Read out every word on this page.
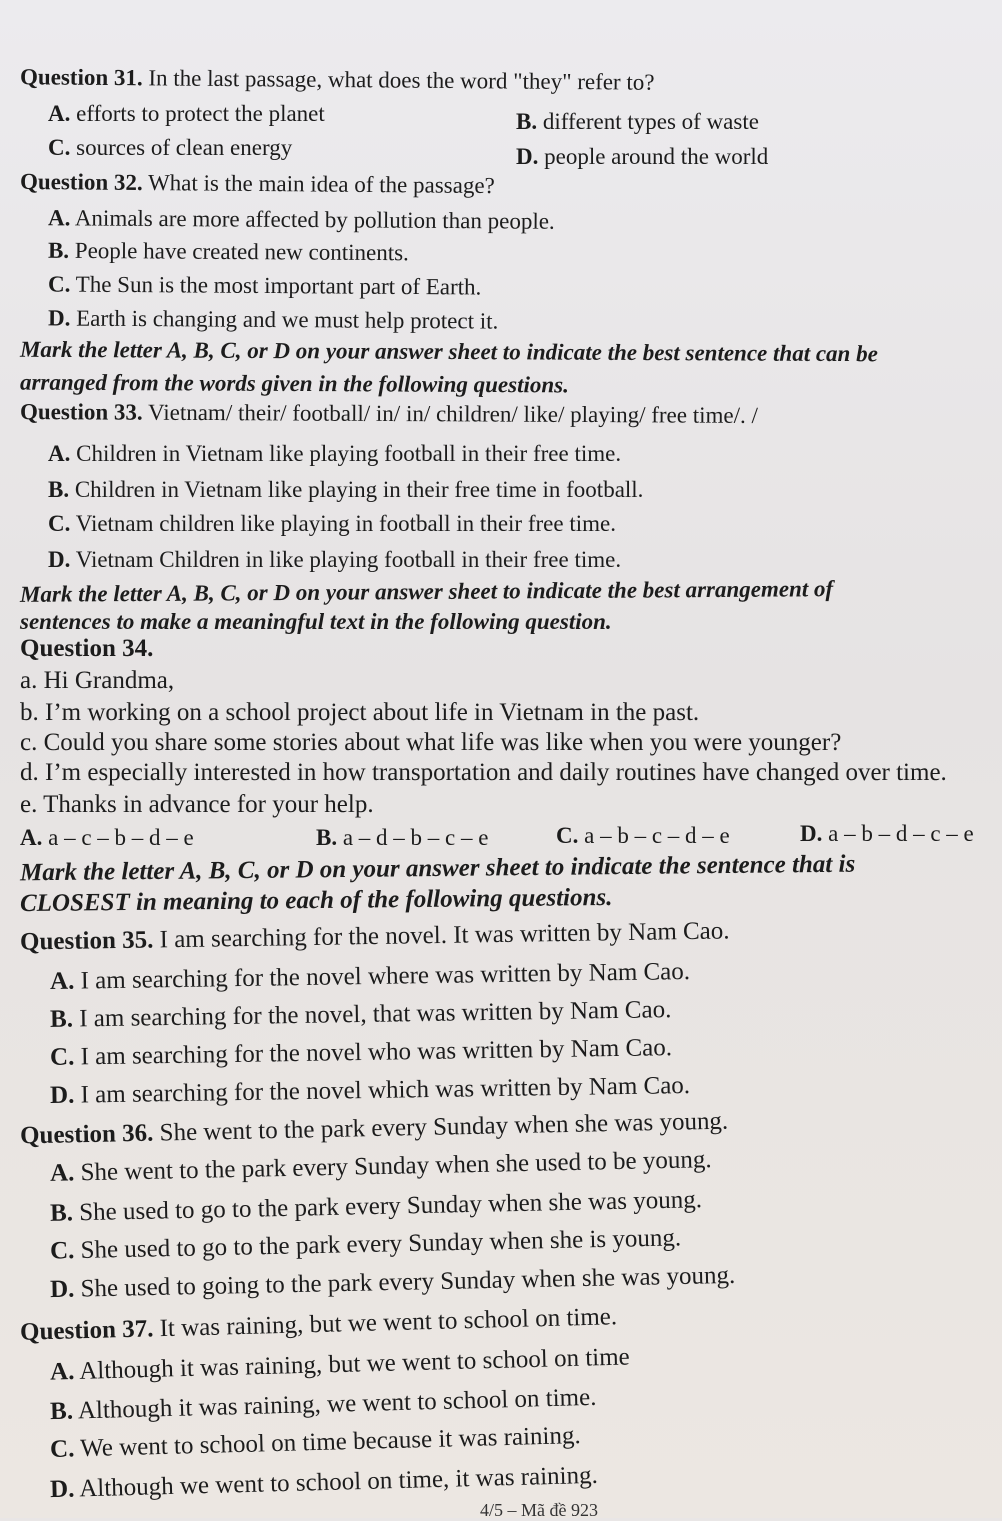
Question 31. In the last passage, what does the word "they" refer to?
A. efforts to protect the planet	B. different types of waste
C. sources of clean energy	D. people around the world
Question 32. What is the main idea of the passage?
A. Animals are more affected by pollution than people.
B. People have created new continents.
C. The Sun is the most important part of Earth.
D. Earth is changing and we must help protect it.
Mark the letter A, B, C, or D on your answer sheet to indicate the best sentence that can be
arranged from the words given in the following questions.
Question 33. Vietnam/ their/ football/ in/ in/ children/ like/ playing/ free time/. /
A. Children in Vietnam like playing football in their free time.
B. Children in Vietnam like playing in their free time in football.
C. Vietnam children like playing in football in their free time.
D. Vietnam Children in like playing football in their free time.
Mark the letter A, B, C, or D on your answer sheet to indicate the best arrangement of
sentences to make a meaningful text in the following question.
Question 34.
a. Hi Grandma,
b. I’m working on a school project about life in Vietnam in the past.
c. Could you share some stories about what life was like when you were younger?
d. I’m especially interested in how transportation and daily routines have changed over time.
e. Thanks in advance for your help.
A. a – c – b – d – e	B. a – d – b – c – e	C. a – b – c – d – e	D. a – b – d – c – e
Mark the letter A, B, C, or D on your answer sheet to indicate the sentence that is
CLOSEST in meaning to each of the following questions.
Question 35. I am searching for the novel. It was written by Nam Cao.
A. I am searching for the novel where was written by Nam Cao.
B. I am searching for the novel, that was written by Nam Cao.
C. I am searching for the novel who was written by Nam Cao.
D. I am searching for the novel which was written by Nam Cao.
Question 36. She went to the park every Sunday when she was young.
A. She went to the park every Sunday when she used to be young.
B. She used to go to the park every Sunday when she was young.
C. She used to go to the park every Sunday when she is young.
D. She used to going to the park every Sunday when she was young.
Question 37. It was raining, but we went to school on time.
A. Although it was raining, but we went to school on time
B. Although it was raining, we went to school on time.
C. We went to school on time because it was raining.
D. Although we went to school on time, it was raining.
4/5 – Mã đề 923
